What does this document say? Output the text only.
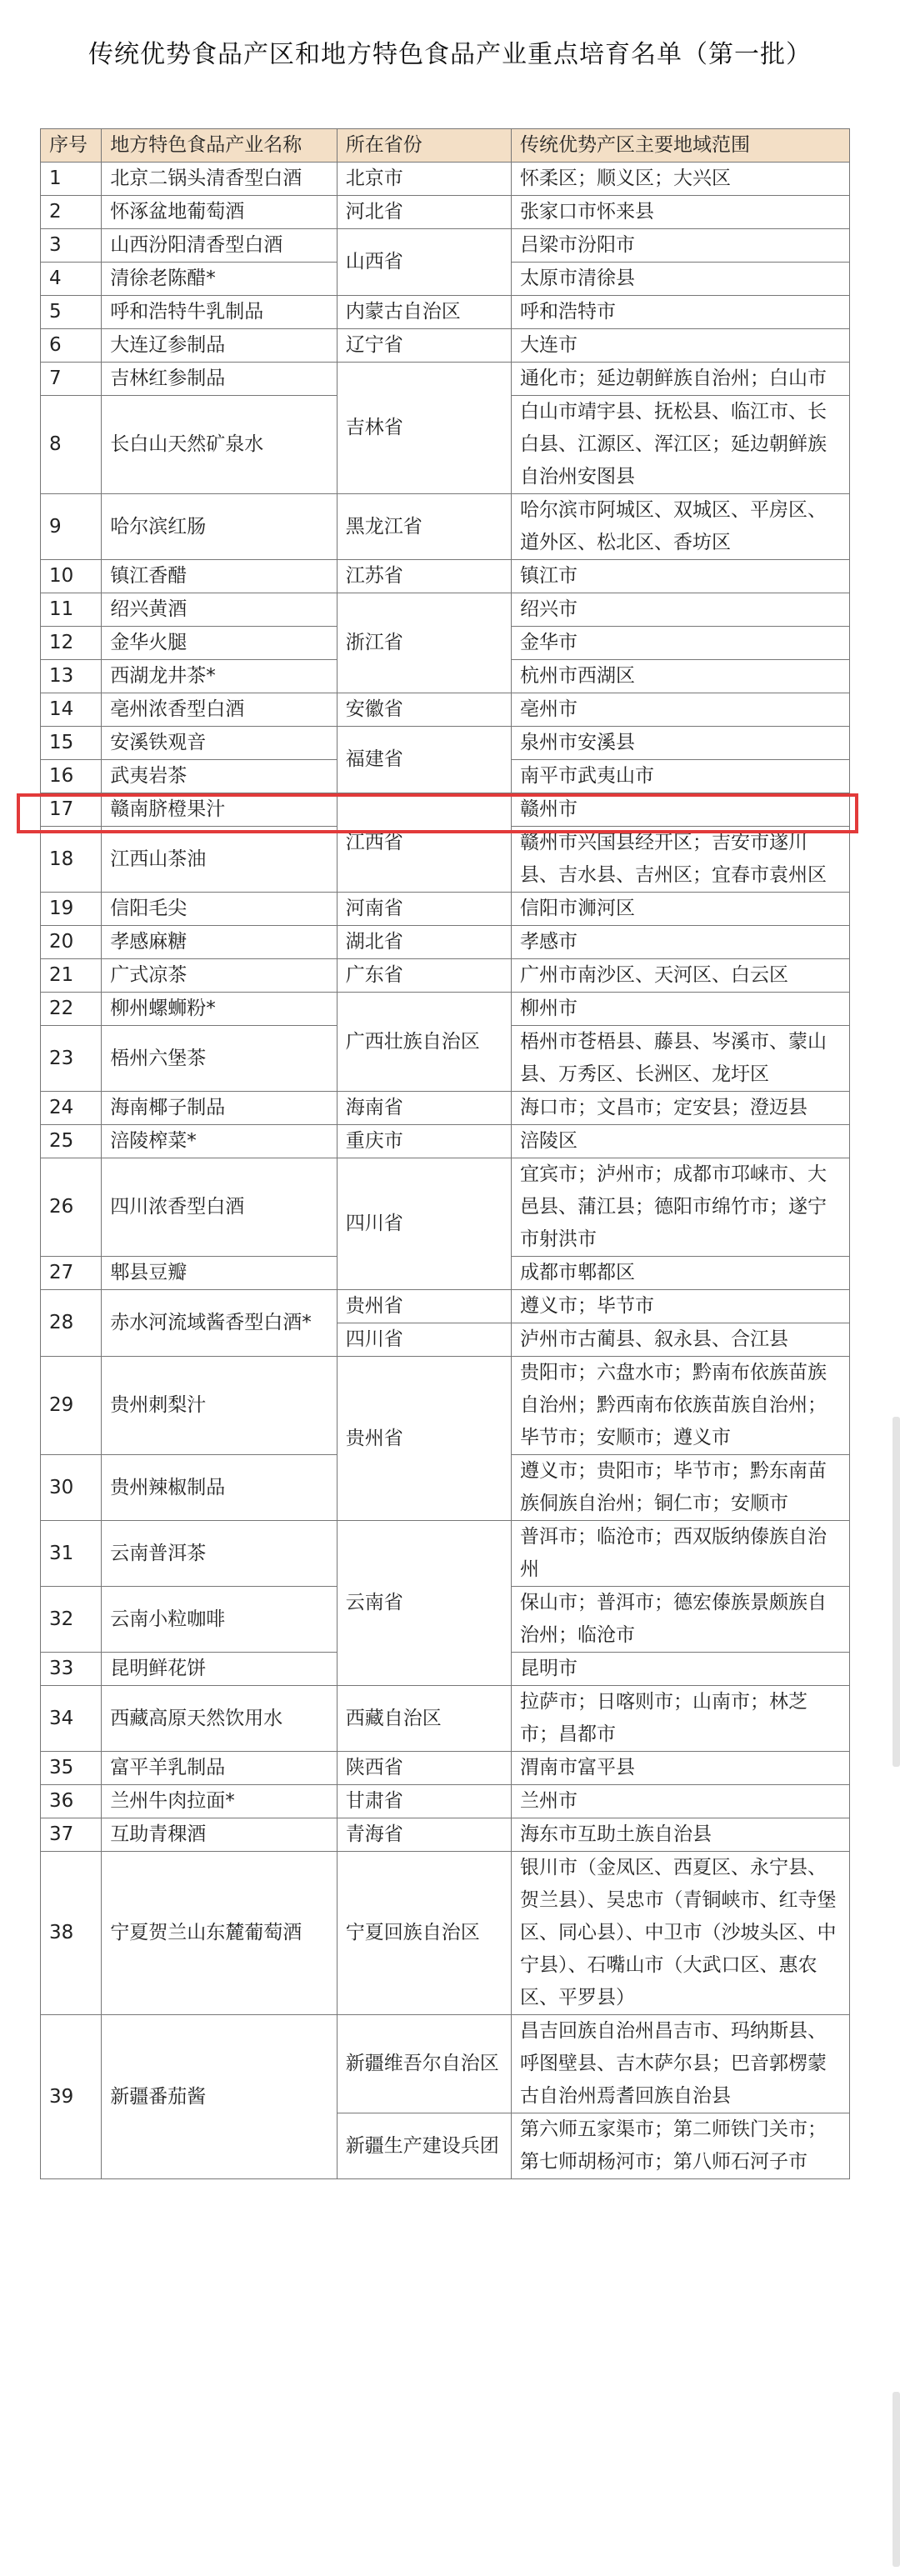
传统优势食品产区和地方特色食品产业重点培育名单（第一批）
序号	地方特色食品产业名称	所在省份	传统优势产区主要地域范围
1	北京二锅头清香型白酒	北京市	怀柔区；顺义区；大兴区
2	怀涿盆地葡萄酒	河北省	张家口市怀来县
3	山西汾阳清香型白酒	山西省	吕梁市汾阳市
4	清徐老陈醋*		太原市清徐县
5	呼和浩特牛乳制品	内蒙古自治区	呼和浩特市
6	大连辽参制品	辽宁省	大连市
7	吉林红参制品	吉林省	通化市；延边朝鲜族自治州；白山市
8	长白山天然矿泉水		白山市靖宇县、抚松县、临江市、长白县、江源区、浑江区；延边朝鲜族自治州安图县
9	哈尔滨红肠	黑龙江省	哈尔滨市阿城区、双城区、平房区、道外区、松北区、香坊区
10	镇江香醋	江苏省	镇江市
11	绍兴黄酒	浙江省	绍兴市
12	金华火腿		金华市
13	西湖龙井茶*		杭州市西湖区
14	亳州浓香型白酒	安徽省	亳州市
15	安溪铁观音	福建省	泉州市安溪县
16	武夷岩茶		南平市武夷山市
17	赣南脐橙果汁	江西省	赣州市
18	江西山茶油		赣州市兴国县经开区；吉安市遂川县、吉水县、吉州区；宜春市袁州区
19	信阳毛尖	河南省	信阳市浉河区
20	孝感麻糖	湖北省	孝感市
21	广式凉茶	广东省	广州市南沙区、天河区、白云区
22	柳州螺蛳粉*	广西壮族自治区	柳州市
23	梧州六堡茶		梧州市苍梧县、藤县、岑溪市、蒙山县、万秀区、长洲区、龙圩区
24	海南椰子制品	海南省	海口市；文昌市；定安县；澄迈县
25	涪陵榨菜*	重庆市	涪陵区
26	四川浓香型白酒	四川省	宜宾市；泸州市；成都市邛崃市、大邑县、蒲江县；德阳市绵竹市；遂宁市射洪市
27	郫县豆瓣		成都市郫都区
28	赤水河流域酱香型白酒*	贵州省	遵义市；毕节市
		四川省	泸州市古蔺县、叙永县、合江县
29	贵州刺梨汁	贵州省	贵阳市；六盘水市；黔南布依族苗族自治州；黔西南布依族苗族自治州；毕节市；安顺市；遵义市
30	贵州辣椒制品		遵义市；贵阳市；毕节市；黔东南苗族侗族自治州；铜仁市；安顺市
31	云南普洱茶	云南省	普洱市；临沧市；西双版纳傣族自治州
32	云南小粒咖啡		保山市；普洱市；德宏傣族景颇族自治州；临沧市
33	昆明鲜花饼		昆明市
34	西藏高原天然饮用水	西藏自治区	拉萨市；日喀则市；山南市；林芝市；昌都市
35	富平羊乳制品	陕西省	渭南市富平县
36	兰州牛肉拉面*	甘肃省	兰州市
37	互助青稞酒	青海省	海东市互助土族自治县
38	宁夏贺兰山东麓葡萄酒	宁夏回族自治区	银川市（金凤区、西夏区、永宁县、贺兰县）、吴忠市（青铜峡市、红寺堡区、同心县）、中卫市（沙坡头区、中宁县）、石嘴山市（大武口区、惠农区、平罗县）
39	新疆番茄酱	新疆维吾尔自治区	昌吉回族自治州昌吉市、玛纳斯县、呼图壁县、吉木萨尔县；巴音郭楞蒙古自治州焉耆回族自治县
		新疆生产建设兵团	第六师五家渠市；第二师铁门关市；第七师胡杨河市；第八师石河子市
